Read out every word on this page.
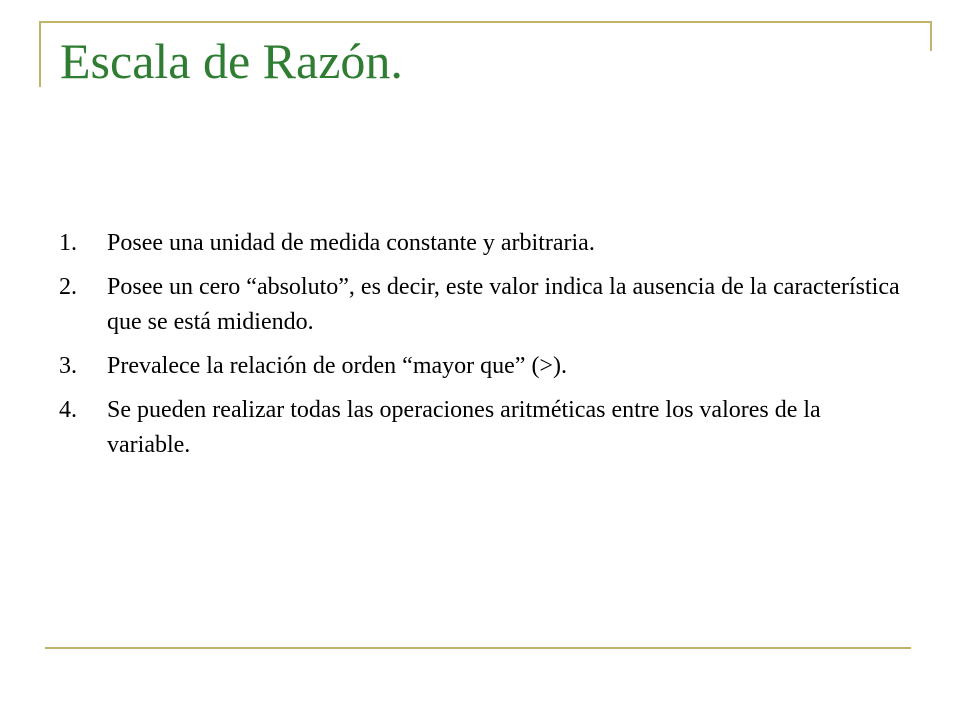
Escala de Razón.
1.	Posee una unidad de medida constante y arbitraria.
2.	Posee un cero “absoluto”, es decir, este valor indica la ausencia de la característica que se está midiendo.
3.	Prevalece la relación de orden “mayor que” (>).
4.	Se pueden realizar todas las operaciones aritméticas entre los valores de la variable.
